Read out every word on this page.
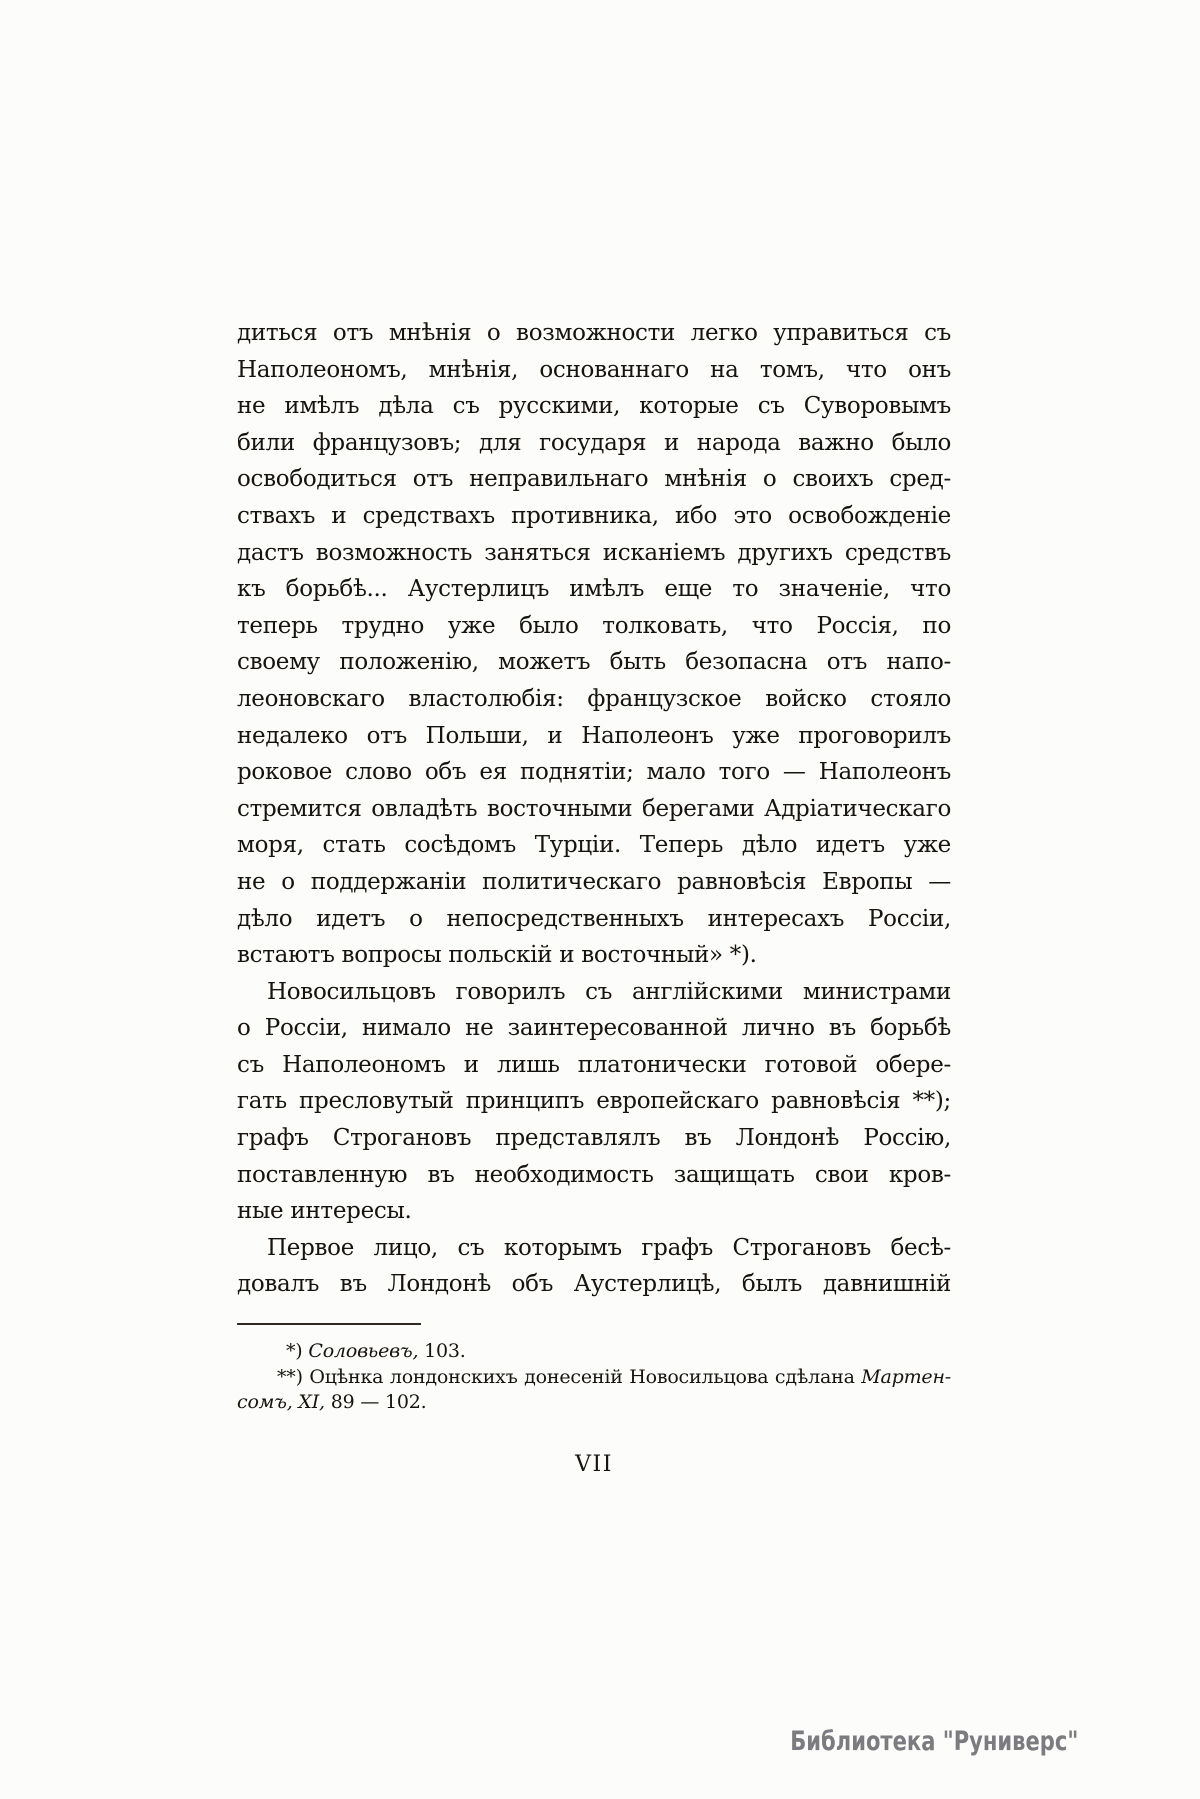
диться отъ мнѣнія о возможности легко управиться съ
Наполеономъ, мнѣнія, основаннаго на томъ, что онъ
не имѣлъ дѣла съ русскими, которые съ Суворовымъ
били французовъ; для государя и народа важно было
освободиться отъ неправильнаго мнѣнія о своихъ сред-
ствахъ и средствахъ противника, ибо это освобожденіе
дастъ возможность заняться исканіемъ другихъ средствъ
къ борьбѣ... Аустерлицъ имѣлъ еще то значеніе, что
теперь трудно уже было толковать, что Россія, по
своему положенію, можетъ быть безопасна отъ напо-
леоновскаго властолюбія: французское войско стояло
недалеко отъ Польши, и Наполеонъ уже проговорилъ
роковое слово объ ея поднятіи; мало того — Наполеонъ
стремится овладѣть восточными берегами Адріатическаго
моря, стать сосѣдомъ Турціи. Теперь дѣло идетъ уже
не о поддержаніи политическаго равновѣсія Европы —
дѣло идетъ о непосредственныхъ интересахъ Россіи,
встаютъ вопросы польскій и восточный» *).
Новосильцовъ говорилъ съ англійскими министрами
о Россіи, нимало не заинтересованной лично въ борьбѣ
съ Наполеономъ и лишь платонически готовой обере-
гать пресловутый принципъ европейскаго равновѣсія **);
графъ Строгановъ представлялъ въ Лондонѣ Россію,
поставленную въ необходимость защищать свои кров-
ные интересы.
Первое лицо, съ которымъ графъ Строгановъ бесѣ-
довалъ въ Лондонѣ объ Аустерлицѣ, былъ давнишній
*) Соловьевъ, 103.
**) Оцѣнка лондонскихъ донесеній Новосильцова сдѣлана Мартен-
сомъ, XI, 89 — 102.
VII
Библиотека "Руниверс"
